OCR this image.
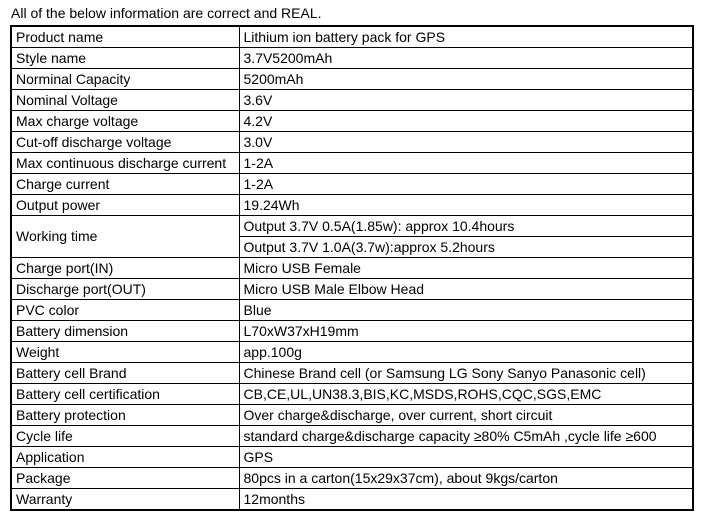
All of the below information are correct and REAL.
Product name	Lithium ion battery pack for GPS
Style name	3.7V5200mAh
Norminal Capacity	5200mAh
Nominal Voltage	3.6V
Max charge voltage	4.2V
Cut-off discharge voltage	3.0V
Max continuous discharge current	1-2A
Charge current	1-2A
Output power	19.24Wh
Working time	Output 3.7V 0.5A(1.85w): approx 10.4hours
	Output 3.7V 1.0A(3.7w):approx 5.2hours
Charge port(IN)	Micro USB Female
Discharge port(OUT)	Micro USB Male Elbow Head
PVC color	Blue
Battery dimension	L70xW37xH19mm
Weight	app.100g
Battery cell Brand	Chinese Brand cell (or Samsung LG Sony Sanyo Panasonic cell)
Battery cell certification	CB,CE,UL,UN38.3,BIS,KC,MSDS,ROHS,CQC,SGS,EMC
Battery protection	Over charge&discharge, over current, short circuit
Cycle life	standard charge&discharge capacity ≥80% C5mAh ,cycle life ≥600
Application	GPS
Package	80pcs in a carton(15x29x37cm), about 9kgs/carton
Warranty	12months
